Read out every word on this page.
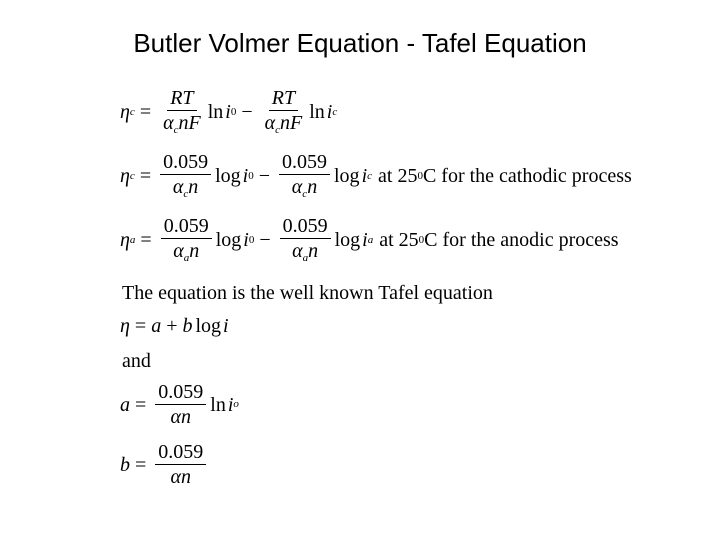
Butler Volmer Equation - Tafel Equation
η $c = \frac{RT}{\alpha_cnF}$ ln i $0 - \frac{RT}{\alpha_cnF}$ ln i c
η $c = \frac{0.059}{\alpha_cn}$ log i $0 - \frac{0.059}{\alpha_cn}$ log i c at 25 0 C for the cathodic process
η $a = \frac{0.059}{\alpha_an}$ log i $0 - \frac{0.059}{\alpha_an}$ log i a at 25 0 C for the anodic process
The equation is the well known Tafel equation
η = a + b log i
and
$a = \frac{0.059}{\alpha n}$ ln i o
$b = \frac{0.059}{\alpha n}$
